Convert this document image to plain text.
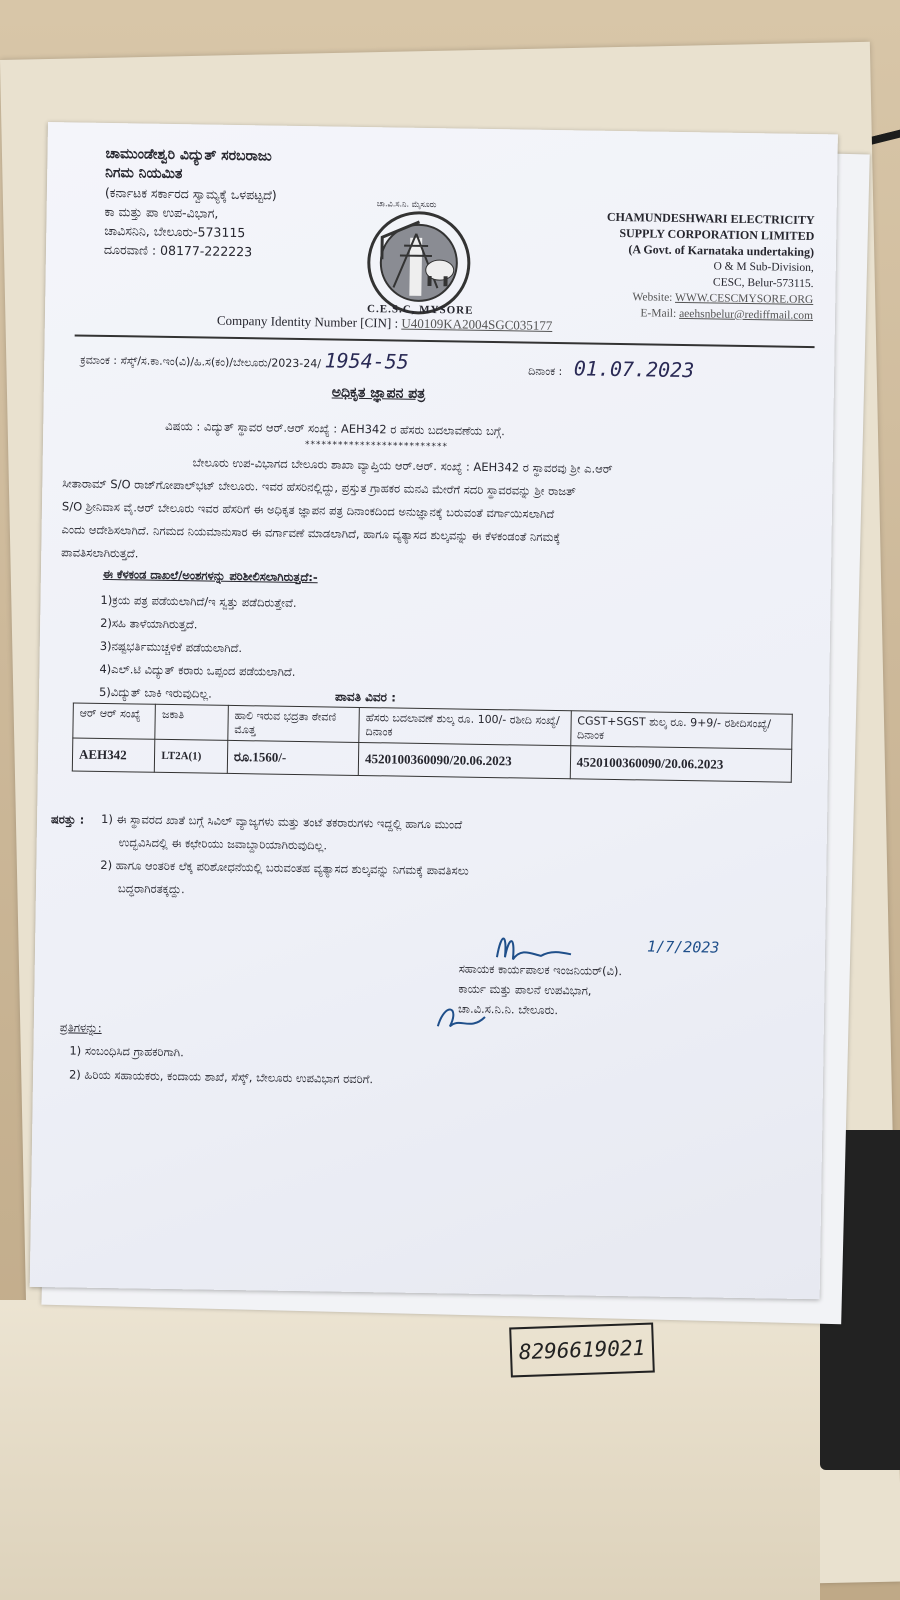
ಚಾಮುಂಡೇಶ್ವರಿ ವಿದ್ಯುತ್ ಸರಬರಾಜು
ನಿಗಮ ನಿಯಮಿತ
(ಕರ್ನಾಟಕ ಸರ್ಕಾರದ ಸ್ವಾಮ್ಯಕ್ಕೆ ಒಳಪಟ್ಟದೆ)
ಕಾ ಮತ್ತು ಪಾ ಉಪ-ವಿಭಾಗ,
ಚಾವಿಸನಿನಿ, ಬೇಲೂರು-573115
ದೂರವಾಣಿ : 08177-222223
ಚಾ.ವಿ.ಸ.ನಿ. ಮೈಸೂರು
C.E.S.C, MYSORE
CHAMUNDESHWARI ELECTRICITY
SUPPLY CORPORATION LIMITED
(A Govt. of Karnataka undertaking)
O & M Sub-Division,
CESC, Belur-573115.
Website: WWW.CESCMYSORE.ORG
E-Mail: aeehsnbelur@rediffmail.com
Company Identity Number [CIN] : U40109KA2004SGC035177
ಕ್ರಮಾಂಕ : ಸೆಸ್ಕ್/ಸ.ಕಾ.ಇಂ(ವಿ)/ಹಿ.ಸ(ಕಂ)/ಬೇಲೂರು/2023-24/ 1954-55	ದಿನಾಂಕ : 01.07.2023
ಅಧಿಕೃತ ಜ್ಞಾಪನ ಪತ್ರ
ವಿಷಯ : ವಿದ್ಯುತ್ ಸ್ಥಾವರ ಆರ್.ಆರ್ ಸಂಖ್ಯೆ : AEH342 ರ ಹೆಸರು ಬದಲಾವಣೆಯ ಬಗ್ಗೆ.
**************************
ಬೇಲೂರು ಉಪ-ವಿಭಾಗದ ಬೇಲೂರು ಶಾಖಾ ವ್ಯಾಪ್ತಿಯ ಆರ್.ಆರ್. ಸಂಖ್ಯೆ : AEH342 ರ ಸ್ಥಾವರವು ಶ್ರೀ ಎ.ಆರ್
ಸೀತಾರಾಮ್ S/O ರಾಜ್‌ಗೋಪಾಲ್‌ಭಟ್ ಬೇಲೂರು. ಇವರ ಹೆಸರಿನಲ್ಲಿದ್ದು, ಪ್ರಸ್ತುತ ಗ್ರಾಹಕರ ಮನವಿ ಮೇರೆಗೆ ಸದರಿ ಸ್ಥಾವರವನ್ನು ಶ್ರೀ ರಾಜತ್
S/O ಶ್ರೀನಿವಾಸ ವೈ.ಆರ್ ಬೇಲೂರು ಇವರ ಹೆಸರಿಗೆ ಈ ಅಧಿಕೃತ ಜ್ಞಾಪನ ಪತ್ರ ದಿನಾಂಕದಿಂದ ಅನುಜ್ಞಾನಕ್ಕೆ ಬರುವಂತೆ ವರ್ಗಾಯಿಸಲಾಗಿದೆ
ಎಂದು ಆದೇಶಿಸಲಾಗಿದೆ. ನಿಗಮದ ನಿಯಮಾನುಸಾರ ಈ ವರ್ಗಾವಣೆ ಮಾಡಲಾಗಿದೆ, ಹಾಗೂ ವ್ಯತ್ಯಾಸದ ಶುಲ್ಕವನ್ನು ಈ ಕೆಳಕಂಡಂತೆ ನಿಗಮಕ್ಕೆ
ಪಾವತಿಸಲಾಗಿರುತ್ತದೆ.
ಈ ಕೆಳಕಂಡ ದಾಖಲೆ/ಅಂಶಗಳನ್ನು ಪರಿಶೀಲಿಸಲಾಗಿರುತ್ತದೆ:-
1)ಕ್ರಯ ಪತ್ರ ಪಡೆಯಲಾಗಿದೆ/ಇ ಸ್ವತ್ತು ಪಡೆದಿರುತ್ತೇವೆ.
2)ಸಹಿ ತಾಳೆಯಾಗಿರುತ್ತದೆ.
3)ನಷ್ಟಭರ್ತಿಮುಚ್ಚಳಿಕೆ ಪಡೆಯಲಾಗಿದೆ.
4)ಎಲ್.ಟಿ ವಿದ್ಯುತ್ ಕರಾರು ಒಪ್ಪಂದ ಪಡೆಯಲಾಗಿದೆ.
5)ವಿದ್ಯುತ್ ಬಾಕಿ ಇರುವುದಿಲ್ಲ.	ಪಾವತಿ ವಿವರ :
ಆರ್ ಆರ್ ಸಂಖ್ಯೆ	ಜಕಾತಿ	ಹಾಲಿ ಇರುವ ಭದ್ರತಾ ಠೇವಣಿ ಮೊತ್ತ	ಹೆಸರು ಬದಲಾವಣೆ ಶುಲ್ಕ ರೂ. 100/- ರಶೀದಿ ಸಂಖ್ಯೆ/ದಿನಾಂಕ	CGST+SGST ಶುಲ್ಕ ರೂ. 9+9/- ರಶೀದಿಸಂಖ್ಯೆ/ದಿನಾಂಕ
AEH342	LT2A(1)	ರೂ.1560/-	4520100360090/20.06.2023	4520100360090/20.06.2023
ಷರತ್ತು : 1) ಈ ಸ್ಥಾವರದ ಖಾತೆ ಬಗ್ಗೆ ಸಿವಿಲ್ ವ್ಯಾಜ್ಯಗಳು ಮತ್ತು ತಂಟೆ ತಕರಾರುಗಳು ಇದ್ದಲ್ಲಿ ಹಾಗೂ ಮುಂದೆ
ಉದ್ಭವಿಸಿದಲ್ಲಿ ಈ ಕಛೇರಿಯು ಜವಾಬ್ದಾರಿಯಾಗಿರುವುದಿಲ್ಲ.
2) ಹಾಗೂ ಆಂತರಿಕ ಲೆಕ್ಕ ಪರಿಶೋಧನೆಯಲ್ಲಿ ಬರುವಂತಹ ವ್ಯತ್ಯಾಸದ ಶುಲ್ಕವನ್ನು ನಿಗಮಕ್ಕೆ ಪಾವತಿಸಲು
ಬದ್ಧರಾಗಿರತಕ್ಕದ್ದು.
1/7/2023
ಸಹಾಯಕ ಕಾರ್ಯಪಾಲಕ ಇಂಜನಿಯರ್(ವಿ).
ಕಾರ್ಯ ಮತ್ತು ಪಾಲನೆ ಉಪವಿಭಾಗ,
ಚಾ.ವಿ.ಸ.ನಿ.ನಿ. ಬೇಲೂರು.
ಪ್ರತಿಗಳನ್ನು:
1) ಸಂಬಂಧಿಸಿದ ಗ್ರಾಹಕರಿಗಾಗಿ.
2) ಹಿರಿಯ ಸಹಾಯಕರು, ಕಂದಾಯ ಶಾಖೆ, ಸೆಸ್ಕ್, ಬೇಲೂರು ಉಪವಿಭಾಗ ರವರಿಗೆ.
8296619021
